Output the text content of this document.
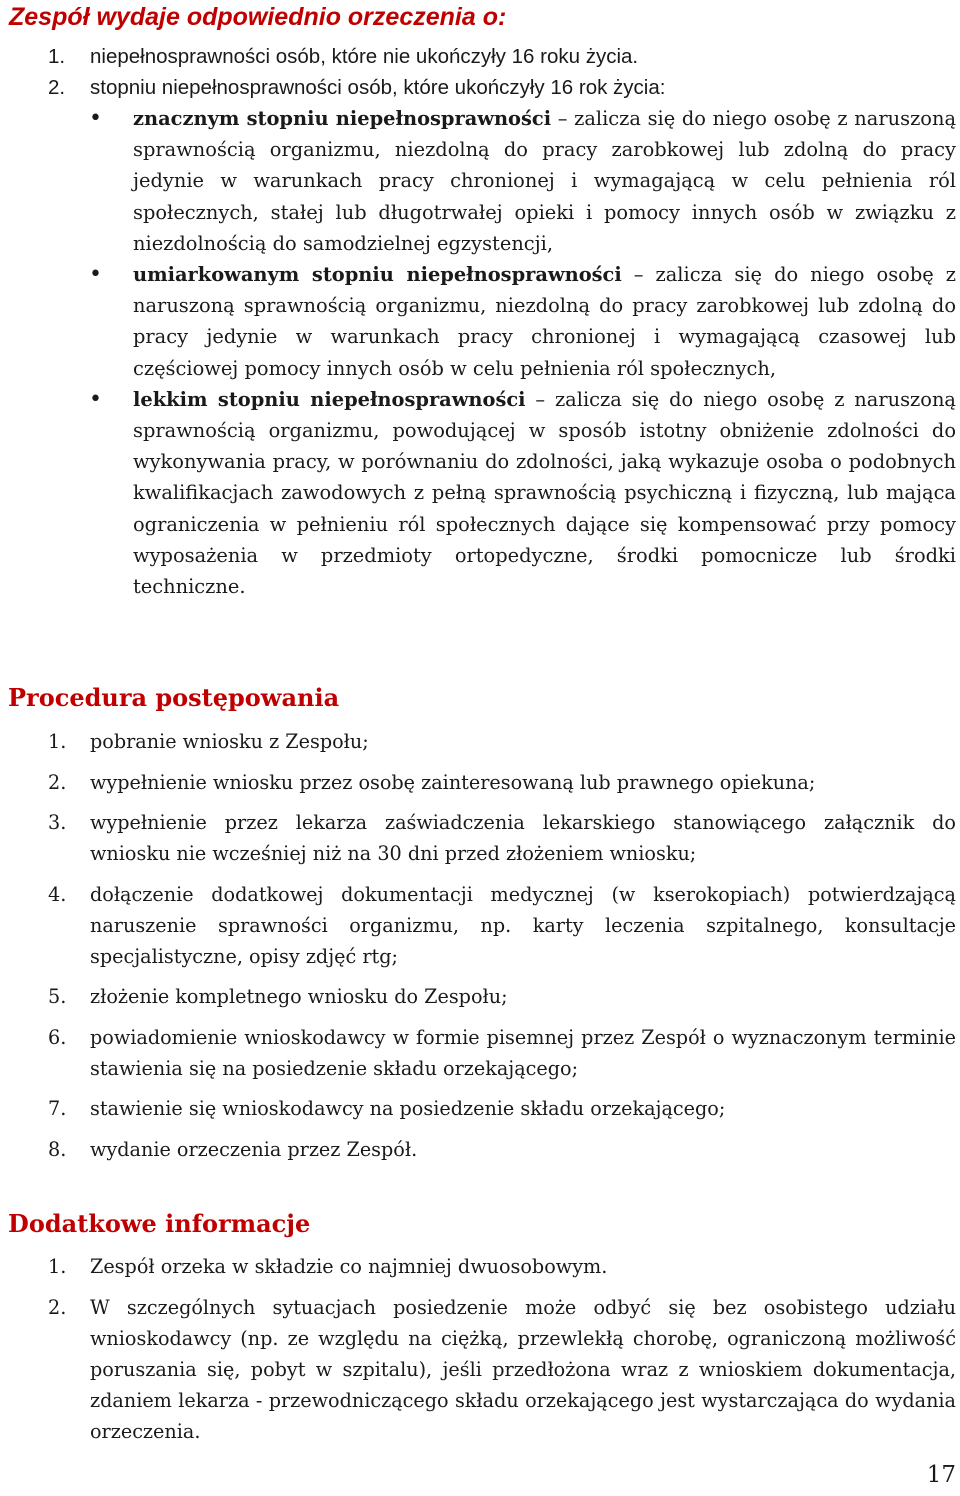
Zespół wydaje odpowiednio orzeczenia o:
1. niepełnosprawności osób, które nie ukończyły 16 roku życia.
2. stopniu niepełnosprawności osób, które ukończyły 16 rok życia:
• znacznym stopniu niepełnosprawności – zalicza się do niego osobę z naruszoną sprawnością organizmu, niezdolną do pracy zarobkowej lub zdolną do pracy jedynie w warunkach pracy chronionej i wymagającą w celu pełnienia ról społecznych, stałej lub długotrwałej opieki i pomocy innych osób w związku z niezdolnością do samodzielnej egzystencji,
• umiarkowanym stopniu niepełnosprawności – zalicza się do niego osobę z naruszoną sprawnością organizmu, niezdolną do pracy zarobkowej lub zdolną do pracy jedynie w warunkach pracy chronionej i wymagającą czasowej lub częściowej pomocy innych osób w celu pełnienia ról społecznych,
• lekkim stopniu niepełnosprawności – zalicza się do niego osobę z naruszoną sprawnością organizmu, powodującej w sposób istotny obniżenie zdolności do wykonywania pracy, w porównaniu do zdolności, jaką wykazuje osoba o podobnych kwalifikacjach zawodowych z pełną sprawnością psychiczną i fizyczną, lub mająca ograniczenia w pełnieniu ról społecznych dające się kompensować przy pomocy wyposażenia w przedmioty ortopedyczne, środki pomocnicze lub środki techniczne.
Procedura postępowania
1. pobranie wniosku z Zespołu;
2. wypełnienie wniosku przez osobę zainteresowaną lub prawnego opiekuna;
3. wypełnienie przez lekarza zaświadczenia lekarskiego stanowiącego załącznik do wniosku nie wcześniej niż na 30 dni przed złożeniem wniosku;
4. dołączenie dodatkowej dokumentacji medycznej (w kserokopiach) potwierdzającą naruszenie sprawności organizmu, np. karty leczenia szpitalnego, konsultacje specjalistyczne, opisy zdjęć rtg;
5. złożenie kompletnego wniosku do Zespołu;
6. powiadomienie wnioskodawcy w formie pisemnej przez Zespół o wyznaczonym terminie stawienia się na posiedzenie składu orzekającego;
7. stawienie się wnioskodawcy na posiedzenie składu orzekającego;
8. wydanie orzeczenia przez Zespół.
Dodatkowe informacje
1. Zespół orzeka w składzie co najmniej dwuosobowym.
2. W szczególnych sytuacjach posiedzenie może odbyć się bez osobistego udziału wnioskodawcy (np. ze względu na ciężką, przewlekłą chorobę, ograniczoną możliwość poruszania się, pobyt w szpitalu), jeśli przedłożona wraz z wnioskiem dokumentacja, zdaniem lekarza - przewodniczącego składu orzekającego jest wystarczająca do wydania orzeczenia.
17
